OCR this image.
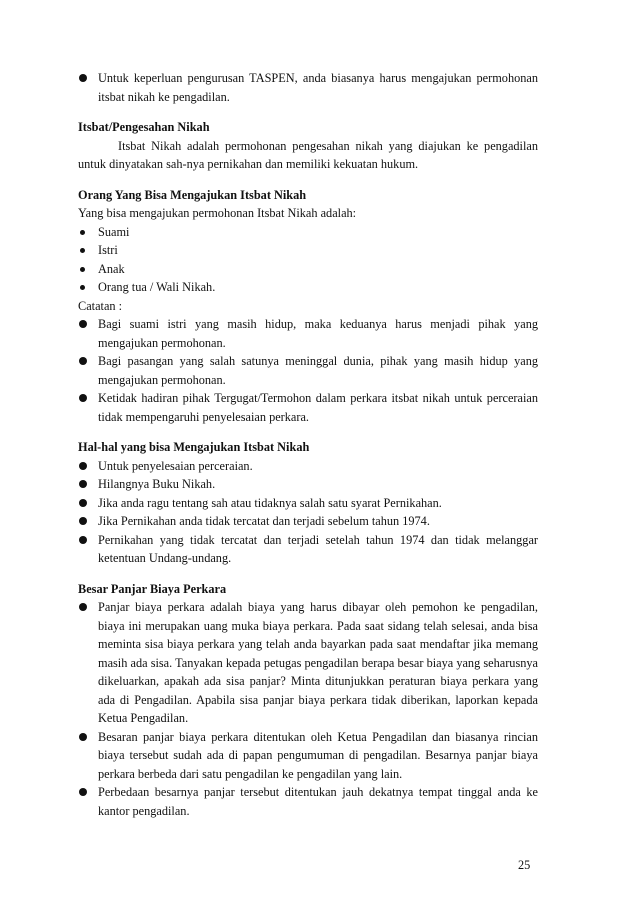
Untuk keperluan pengurusan TASPEN, anda biasanya harus mengajukan permohonan itsbat nikah ke pengadilan.

Itsbat/Pengesahan Nikah

Itsbat Nikah adalah permohonan pengesahan nikah yang diajukan ke pengadilan untuk dinyatakan sah-nya pernikahan dan memiliki kekuatan hukum.

Orang Yang Bisa Mengajukan Itsbat Nikah

Yang bisa mengajukan permohonan Itsbat Nikah adalah:

Suami
Istri
Anak
Orang tua / Wali Nikah.

Catatan :

Bagi suami istri yang masih hidup, maka keduanya harus menjadi pihak yang mengajukan permohonan.
Bagi pasangan yang salah satunya meninggal dunia, pihak yang masih hidup yang mengajukan permohonan.
Ketidak hadiran pihak Tergugat/Termohon dalam perkara itsbat nikah untuk perceraian tidak mempengaruhi penyelesaian perkara.

Hal-hal yang bisa Mengajukan Itsbat Nikah

Untuk penyelesaian perceraian.
Hilangnya Buku Nikah.
Jika anda ragu tentang sah atau tidaknya salah satu syarat Pernikahan.
Jika Pernikahan anda tidak tercatat dan terjadi sebelum tahun 1974.
Pernikahan yang tidak tercatat dan terjadi setelah tahun 1974 dan tidak melanggar ketentuan Undang-undang.

Besar Panjar Biaya Perkara

Panjar biaya perkara adalah biaya yang harus dibayar oleh pemohon ke pengadilan, biaya ini merupakan uang muka biaya perkara. Pada saat sidang telah selesai, anda bisa meminta sisa biaya perkara yang telah anda bayarkan pada saat mendaftar jika memang masih ada sisa. Tanyakan kepada petugas pengadilan berapa besar biaya yang seharusnya dikeluarkan, apakah ada sisa panjar? Minta ditunjukkan peraturan biaya perkara yang ada di Pengadilan. Apabila sisa panjar biaya perkara tidak diberikan, laporkan kepada Ketua Pengadilan.
Besaran panjar biaya perkara ditentukan oleh Ketua Pengadilan dan biasanya rincian biaya tersebut sudah ada di papan pengumuman di pengadilan. Besarnya panjar biaya perkara berbeda dari satu pengadilan ke pengadilan yang lain.
Perbedaan besarnya panjar tersebut ditentukan jauh dekatnya tempat tinggal anda ke kantor pengadilan.
25
